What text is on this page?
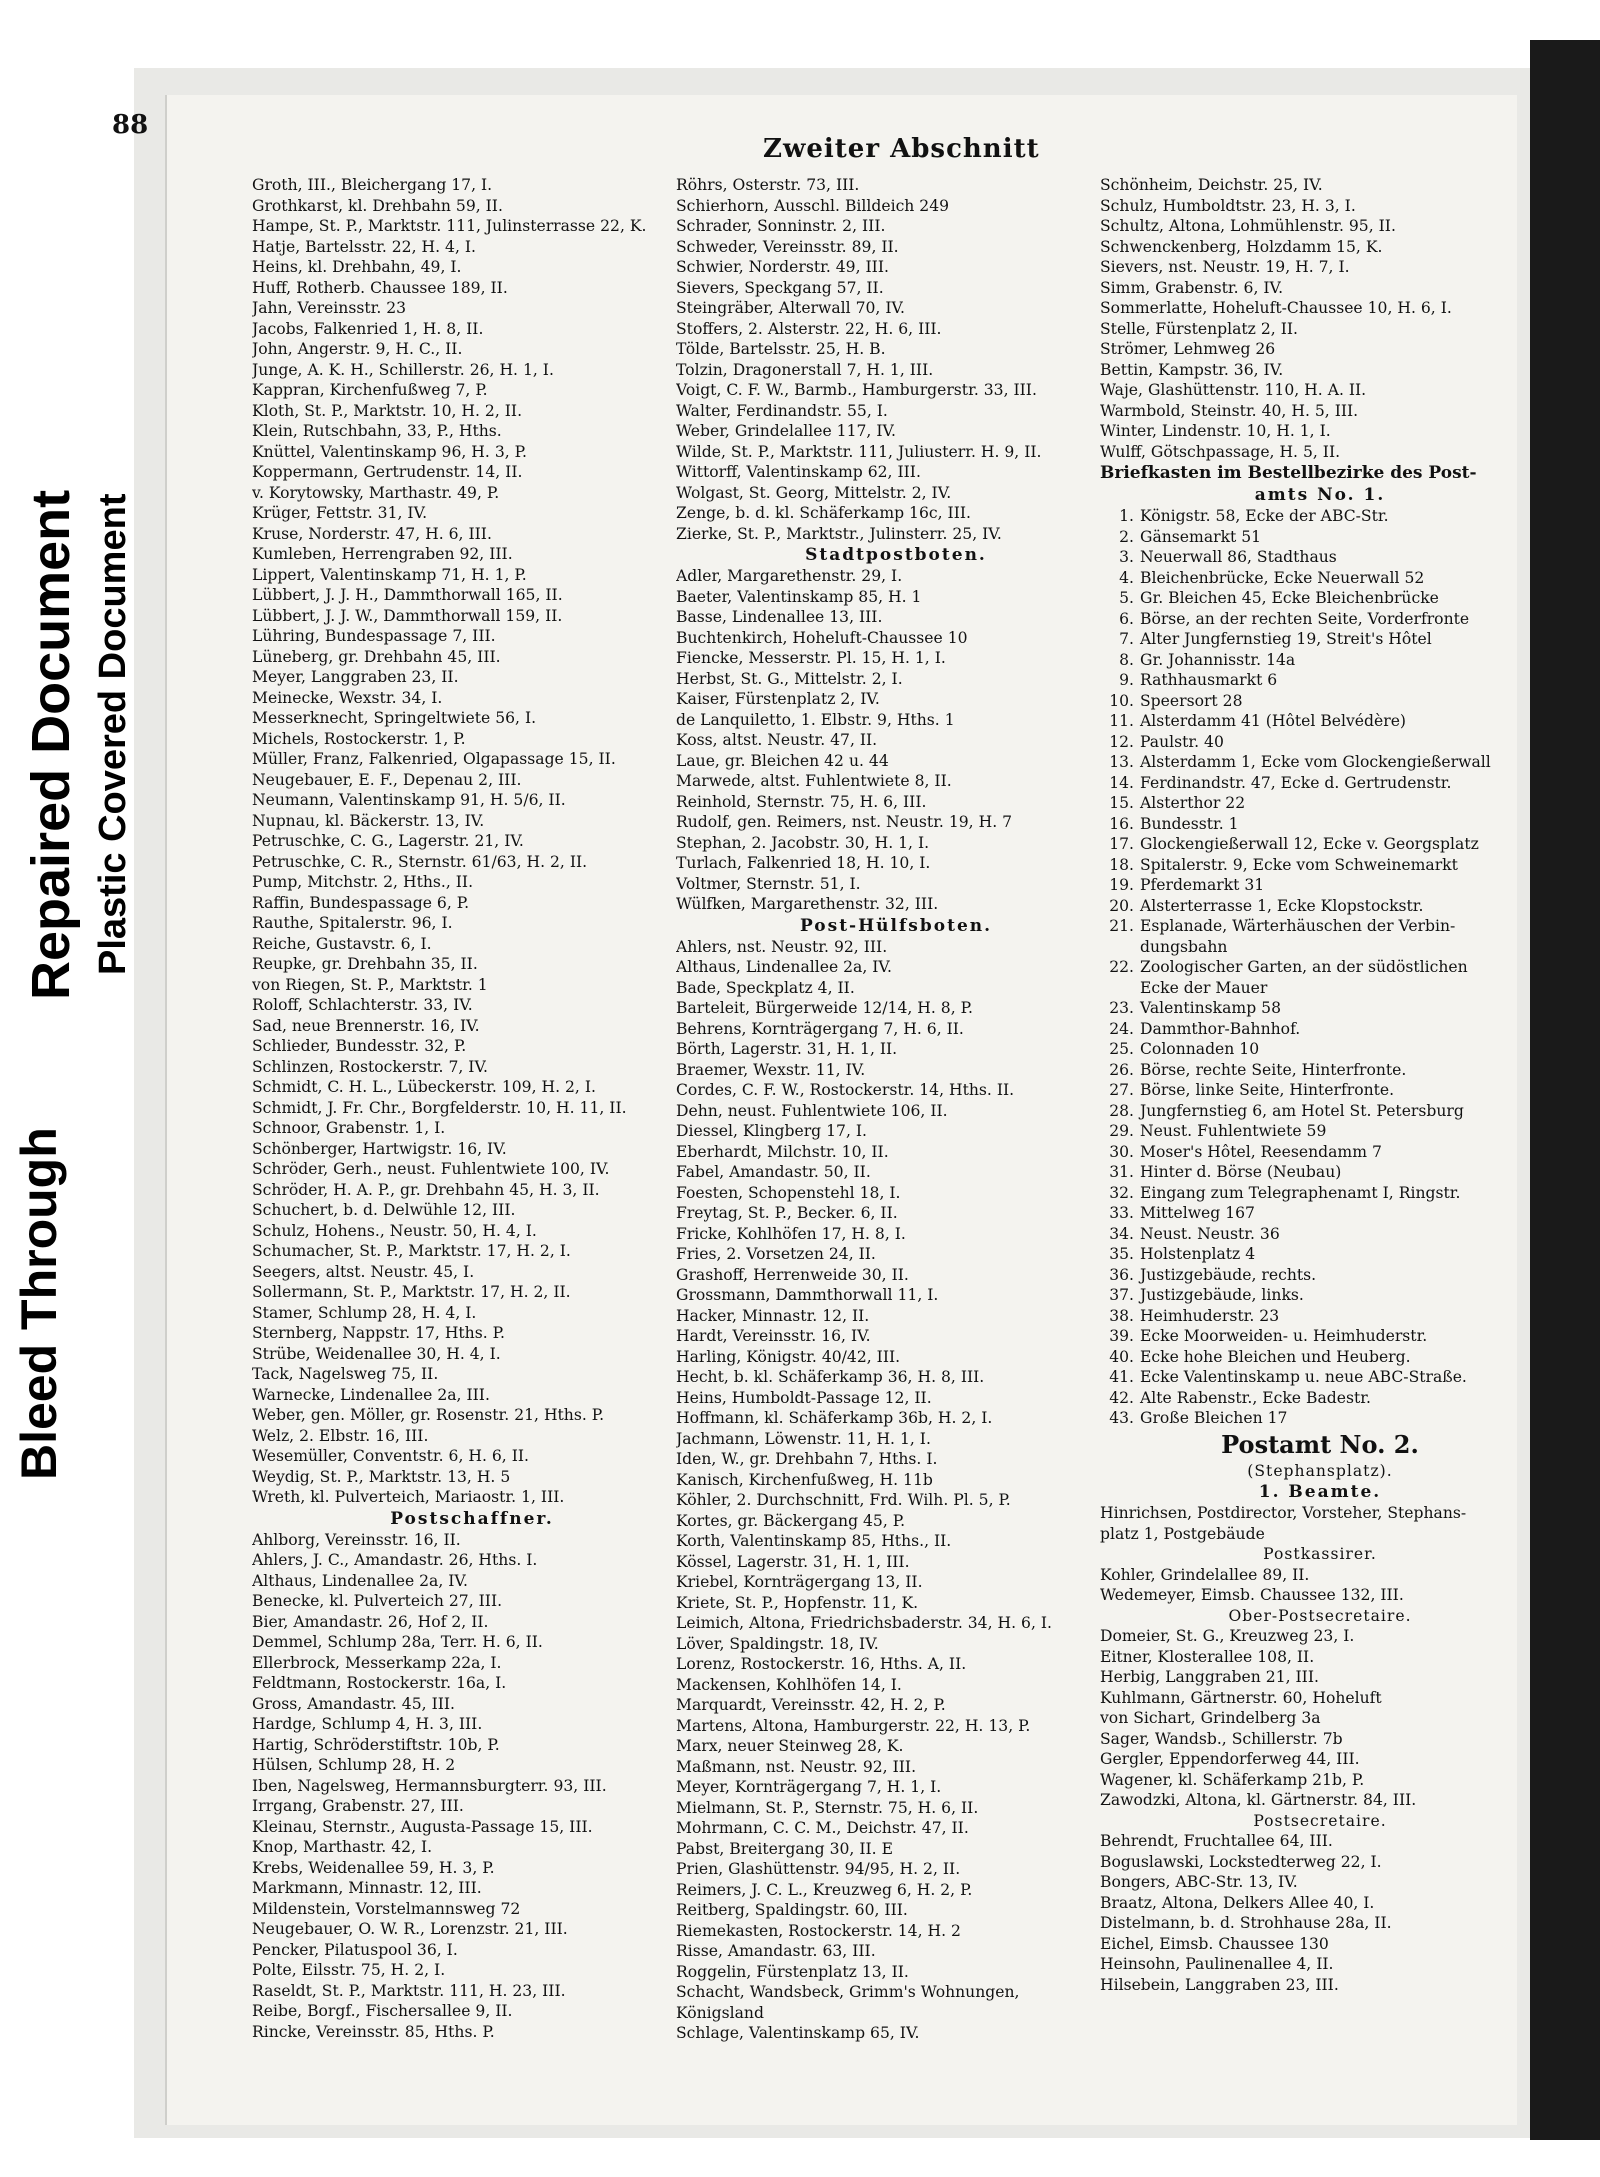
Bleed Through
Repaired Document Plastic Covered Document
88
Zweiter Abschnitt
Groth, III., Bleichergang 17, I.
Grothkarst, kl. Drehbahn 59, II.
Hampe, St. P., Marktstr. 111, Julinsterrasse 22, K.
Hatje, Bartelsstr. 22, H. 4, I.
Heins, kl. Drehbahn, 49, I.
Huff, Rotherb. Chaussee 189, II.
Jahn, Vereinsstr. 23
Jacobs, Falkenried 1, H. 8, II.
John, Angerstr. 9, H. C., II.
Junge, A. K. H., Schillerstr. 26, H. 1, I.
Kappran, Kirchenfußweg 7, P.
Kloth, St. P., Marktstr. 10, H. 2, II.
Klein, Rutschbahn, 33, P., Hths.
Knüttel, Valentinskamp 96, H. 3, P.
Koppermann, Gertrudenstr. 14, II.
v. Korytowsky, Marthastr. 49, P.
Krüger, Fettstr. 31, IV.
Kruse, Norderstr. 47, H. 6, III.
Kumleben, Herrengraben 92, III.
Lippert, Valentinskamp 71, H. 1, P.
Lübbert, J. J. H., Dammthorwall 165, II.
Lübbert, J. J. W., Dammthorwall 159, II.
Lühring, Bundespassage 7, III.
Lüneberg, gr. Drehbahn 45, III.
Meyer, Langgraben 23, II.
Meinecke, Wexstr. 34, I.
Messerknecht, Springeltwiete 56, I.
Michels, Rostockerstr. 1, P.
Müller, Franz, Falkenried, Olgapassage 15, II.
Neugebauer, E. F., Depenau 2, III.
Neumann, Valentinskamp 91, H. 5/6, II.
Nupnau, kl. Bäckerstr. 13, IV.
Petruschke, C. G., Lagerstr. 21, IV.
Petruschke, C. R., Sternstr. 61/63, H. 2, II.
Pump, Mitchstr. 2, Hths., II.
Raffin, Bundespassage 6, P.
Rauthe, Spitalerstr. 96, I.
Reiche, Gustavstr. 6, I.
Reupke, gr. Drehbahn 35, II.
von Riegen, St. P., Marktstr. 1
Roloff, Schlachterstr. 33, IV.
Sad, neue Brennerstr. 16, IV.
Schlieder, Bundesstr. 32, P.
Schlinzen, Rostockerstr. 7, IV.
Schmidt, C. H. L., Lübeckerstr. 109, H. 2, I.
Schmidt, J. Fr. Chr., Borgfelderstr. 10, H. 11, II.
Schnoor, Grabenstr. 1, I.
Schönberger, Hartwigstr. 16, IV.
Schröder, Gerh., neust. Fuhlentwiete 100, IV.
Schröder, H. A. P., gr. Drehbahn 45, H. 3, II.
Schuchert, b. d. Delwühle 12, III.
Schulz, Hohens., Neustr. 50, H. 4, I.
Schumacher, St. P., Marktstr. 17, H. 2, I.
Seegers, altst. Neustr. 45, I.
Sollermann, St. P., Marktstr. 17, H. 2, II.
Stamer, Schlump 28, H. 4, I.
Sternberg, Nappstr. 17, Hths. P.
Strübe, Weidenallee 30, H. 4, I.
Tack, Nagelsweg 75, II.
Warnecke, Lindenallee 2a, III.
Weber, gen. Möller, gr. Rosenstr. 21, Hths. P.
Welz, 2. Elbstr. 16, III.
Wesemüller, Conventstr. 6, H. 6, II.
Weydig, St. P., Marktstr. 13, H. 5
Wreth, kl. Pulverteich, Mariaostr. 1, III.
Postschaffner.
Ahlborg, Vereinsstr. 16, II.
Ahlers, J. C., Amandastr. 26, Hths. I.
Althaus, Lindenallee 2a, IV.
Benecke, kl. Pulverteich 27, III.
Bier, Amandastr. 26, Hof 2, II.
Demmel, Schlump 28a, Terr. H. 6, II.
Ellerbrock, Messerkamp 22a, I.
Feldtmann, Rostockerstr. 16a, I.
Gross, Amandastr. 45, III.
Hardge, Schlump 4, H. 3, III.
Hartig, Schröderstiftstr. 10b, P.
Hülsen, Schlump 28, H. 2
Iben, Nagelsweg, Hermannsburgterr. 93, III.
Irrgang, Grabenstr. 27, III.
Kleinau, Sternstr., Augusta-Passage 15, III.
Knop, Marthastr. 42, I.
Krebs, Weidenallee 59, H. 3, P.
Markmann, Minnastr. 12, III.
Mildenstein, Vorstelmannsweg 72
Neugebauer, O. W. R., Lorenzstr. 21, III.
Pencker, Pilatuspool 36, I.
Polte, Eilsstr. 75, H. 2, I.
Raseldt, St. P., Marktstr. 111, H. 23, III.
Reibe, Borgf., Fischersallee 9, II.
Rincke, Vereinsstr. 85, Hths. P.
Röhrs, Osterstr. 73, III.
Schierhorn, Ausschl. Billdeich 249
Schrader, Sonninstr. 2, III.
Schweder, Vereinsstr. 89, II.
Schwier, Norderstr. 49, III.
Sievers, Speckgang 57, II.
Steingräber, Alterwall 70, IV.
Stoffers, 2. Alsterstr. 22, H. 6, III.
Tölde, Bartelsstr. 25, H. B.
Tolzin, Dragonerstall 7, H. 1, III.
Voigt, C. F. W., Barmb., Hamburgerstr. 33, III.
Walter, Ferdinandstr. 55, I.
Weber, Grindelallee 117, IV.
Wilde, St. P., Marktstr. 111, Juliusterr. H. 9, II.
Wittorff, Valentinskamp 62, III.
Wolgast, St. Georg, Mittelstr. 2, IV.
Zenge, b. d. kl. Schäferkamp 16c, III.
Zierke, St. P., Marktstr., Julinsterr. 25, IV.
Stadtpostboten.
Adler, Margarethenstr. 29, I.
Baeter, Valentinskamp 85, H. 1
Basse, Lindenallee 13, III.
Buchtenkirch, Hoheluft-Chaussee 10
Fiencke, Messerstr. Pl. 15, H. 1, I.
Herbst, St. G., Mittelstr. 2, I.
Kaiser, Fürstenplatz 2, IV.
de Lanquiletto, 1. Elbstr. 9, Hths. 1
Koss, altst. Neustr. 47, II.
Laue, gr. Bleichen 42 u. 44
Marwede, altst. Fuhlentwiete 8, II.
Reinhold, Sternstr. 75, H. 6, III.
Rudolf, gen. Reimers, nst. Neustr. 19, H. 7
Stephan, 2. Jacobstr. 30, H. 1, I.
Turlach, Falkenried 18, H. 10, I.
Voltmer, Sternstr. 51, I.
Wülfken, Margarethenstr. 32, III.
Post-Hülfsboten.
Ahlers, nst. Neustr. 92, III.
Althaus, Lindenallee 2a, IV.
Bade, Speckplatz 4, II.
Barteleit, Bürgerweide 12/14, H. 8, P.
Behrens, Kornträgergang 7, H. 6, II.
Börth, Lagerstr. 31, H. 1, II.
Braemer, Wexstr. 11, IV.
Cordes, C. F. W., Rostockerstr. 14, Hths. II.
Dehn, neust. Fuhlentwiete 106, II.
Diessel, Klingberg 17, I.
Eberhardt, Milchstr. 10, II.
Fabel, Amandastr. 50, II.
Foesten, Schopenstehl 18, I.
Freytag, St. P., Becker. 6, II.
Fricke, Kohlhöfen 17, H. 8, I.
Fries, 2. Vorsetzen 24, II.
Grashoff, Herrenweide 30, II.
Grossmann, Dammthorwall 11, I.
Hacker, Minnastr. 12, II.
Hardt, Vereinsstr. 16, IV.
Harling, Königstr. 40/42, III.
Hecht, b. kl. Schäferkamp 36, H. 8, III.
Heins, Humboldt-Passage 12, II.
Hoffmann, kl. Schäferkamp 36b, H. 2, I.
Jachmann, Löwenstr. 11, H. 1, I.
Iden, W., gr. Drehbahn 7, Hths. I.
Kanisch, Kirchenfußweg, H. 11b
Köhler, 2. Durchschnitt, Frd. Wilh. Pl. 5, P.
Kortes, gr. Bäckergang 45, P.
Korth, Valentinskamp 85, Hths., II.
Kössel, Lagerstr. 31, H. 1, III.
Kriebel, Kornträgergang 13, II.
Kriete, St. P., Hopfenstr. 11, K.
Leimich, Altona, Friedrichsbaderstr. 34, H. 6, I.
Löver, Spaldingstr. 18, IV.
Lorenz, Rostockerstr. 16, Hths. A, II.
Mackensen, Kohlhöfen 14, I.
Marquardt, Vereinsstr. 42, H. 2, P.
Martens, Altona, Hamburgerstr. 22, H. 13, P.
Marx, neuer Steinweg 28, K.
Maßmann, nst. Neustr. 92, III.
Meyer, Kornträgergang 7, H. 1, I.
Mielmann, St. P., Sternstr. 75, H. 6, II.
Mohrmann, C. C. M., Deichstr. 47, II.
Pabst, Breitergang 30, II. E
Prien, Glashüttenstr. 94/95, H. 2, II.
Reimers, J. C. L., Kreuzweg 6, H. 2, P.
Reitberg, Spaldingstr. 60, III.
Riemekasten, Rostockerstr. 14, H. 2
Risse, Amandastr. 63, III.
Roggelin, Fürstenplatz 13, II.
Schacht, Wandsbeck, Grimm's Wohnungen,
Königsland
Schlage, Valentinskamp 65, IV.
Schönheim, Deichstr. 25, IV.
Schulz, Humboldtstr. 23, H. 3, I.
Schultz, Altona, Lohmühlenstr. 95, II.
Schwenckenberg, Holzdamm 15, K.
Sievers, nst. Neustr. 19, H. 7, I.
Simm, Grabenstr. 6, IV.
Sommerlatte, Hoheluft-Chaussee 10, H. 6, I.
Stelle, Fürstenplatz 2, II.
Strömer, Lehmweg 26
Bettin, Kampstr. 36, IV.
Waje, Glashüttenstr. 110, H. A. II.
Warmbold, Steinstr. 40, H. 5, III.
Winter, Lindenstr. 10, H. 1, I.
Wulff, Götschpassage, H. 5, II.
Briefkasten im Bestellbezirke des Post-
amts No. 1.
1. Königstr. 58, Ecke der ABC-Str.
2. Gänsemarkt 51
3. Neuerwall 86, Stadthaus
4. Bleichenbrücke, Ecke Neuerwall 52
5. Gr. Bleichen 45, Ecke Bleichenbrücke
6. Börse, an der rechten Seite, Vorderfronte
7. Alter Jungfernstieg 19, Streit's Hôtel
8. Gr. Johannisstr. 14a
9. Rathhausmarkt 6
10. Speersort 28
11. Alsterdamm 41 (Hôtel Belvédère)
12. Paulstr. 40
13. Alsterdamm 1, Ecke vom Glockengießerwall
14. Ferdinandstr. 47, Ecke d. Gertrudenstr.
15. Alsterthor 22
16. Bundesstr. 1
17. Glockengießerwall 12, Ecke v. Georgsplatz
18. Spitalerstr. 9, Ecke vom Schweinemarkt
19. Pferdemarkt 31
20. Alsterterrasse 1, Ecke Klopstockstr.
21. Esplanade, Wärterhäuschen der Verbin-
dungsbahn
22. Zoologischer Garten, an der südöstlichen
Ecke der Mauer
23. Valentinskamp 58
24. Dammthor-Bahnhof.
25. Colonnaden 10
26. Börse, rechte Seite, Hinterfronte.
27. Börse, linke Seite, Hinterfronte.
28. Jungfernstieg 6, am Hotel St. Petersburg
29. Neust. Fuhlentwiete 59
30. Moser's Hôtel, Reesendamm 7
31. Hinter d. Börse (Neubau)
32. Eingang zum Telegraphenamt I, Ringstr.
33. Mittelweg 167
34. Neust. Neustr. 36
35. Holstenplatz 4
36. Justizgebäude, rechts.
37. Justizgebäude, links.
38. Heimhuderstr. 23
39. Ecke Moorweiden- u. Heimhuderstr.
40. Ecke hohe Bleichen und Heuberg.
41. Ecke Valentinskamp u. neue ABC-Straße.
42. Alte Rabenstr., Ecke Badestr.
43. Große Bleichen 17
Postamt No. 2.
(Stephansplatz).
1. Beamte.
Hinrichsen, Postdirector, Vorsteher, Stephans-
platz 1, Postgebäude
Postkassirer.
Kohler, Grindelallee 89, II.
Wedemeyer, Eimsb. Chaussee 132, III.
Ober-Postsecretaire.
Domeier, St. G., Kreuzweg 23, I.
Eitner, Klosterallee 108, II.
Herbig, Langgraben 21, III.
Kuhlmann, Gärtnerstr. 60, Hoheluft
von Sichart, Grindelberg 3a
Sager, Wandsb., Schillerstr. 7b
Gergler, Eppendorferweg 44, III.
Wagener, kl. Schäferkamp 21b, P.
Zawodzki, Altona, kl. Gärtnerstr. 84, III.
Postsecretaire.
Behrendt, Fruchtallee 64, III.
Boguslawski, Lockstedterweg 22, I.
Bongers, ABC-Str. 13, IV.
Braatz, Altona, Delkers Allee 40, I.
Distelmann, b. d. Strohhause 28a, II.
Eichel, Eimsb. Chaussee 130
Heinsohn, Paulinenallee 4, II.
Hilsebein, Langgraben 23, III.
